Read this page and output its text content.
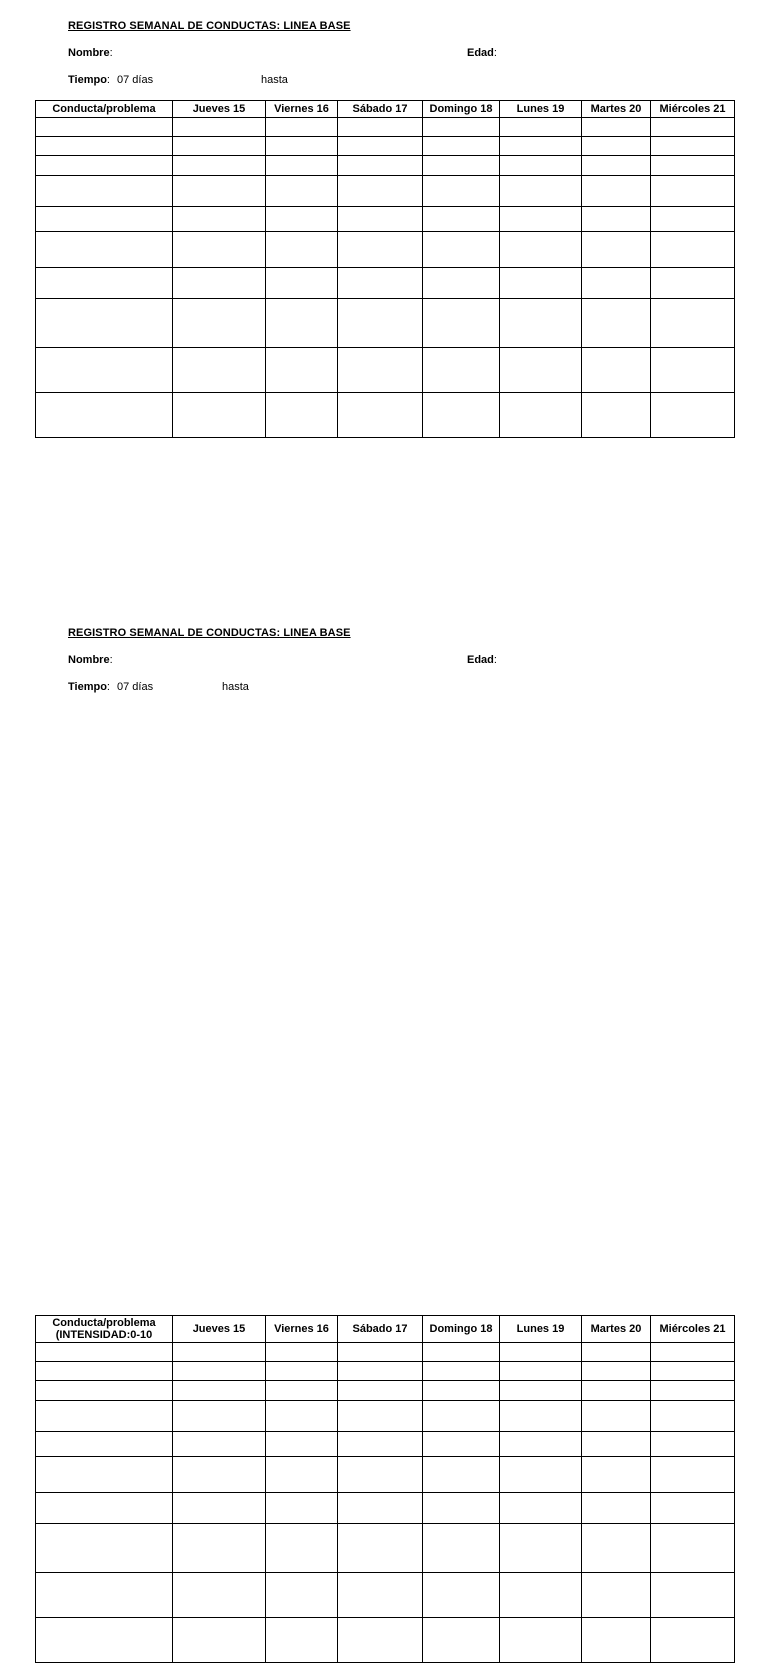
REGISTRO SEMANAL DE CONDUCTAS: LINEA BASE
Nombre:	Edad:
Tiempo: 07 días	hasta
Conducta/problema	Jueves 15	Viernes 16	Sábado 17	Domingo 18	Lunes 19	Martes 20	Miércoles 21

REGISTRO SEMANAL DE CONDUCTAS: LINEA BASE
Nombre:	Edad:
Tiempo: 07 días	hasta
Conducta/problema
(INTENSIDAD:0-10	Jueves 15	Viernes 16	Sábado 17	Domingo 18	Lunes 19	Martes 20	Miércoles 21
